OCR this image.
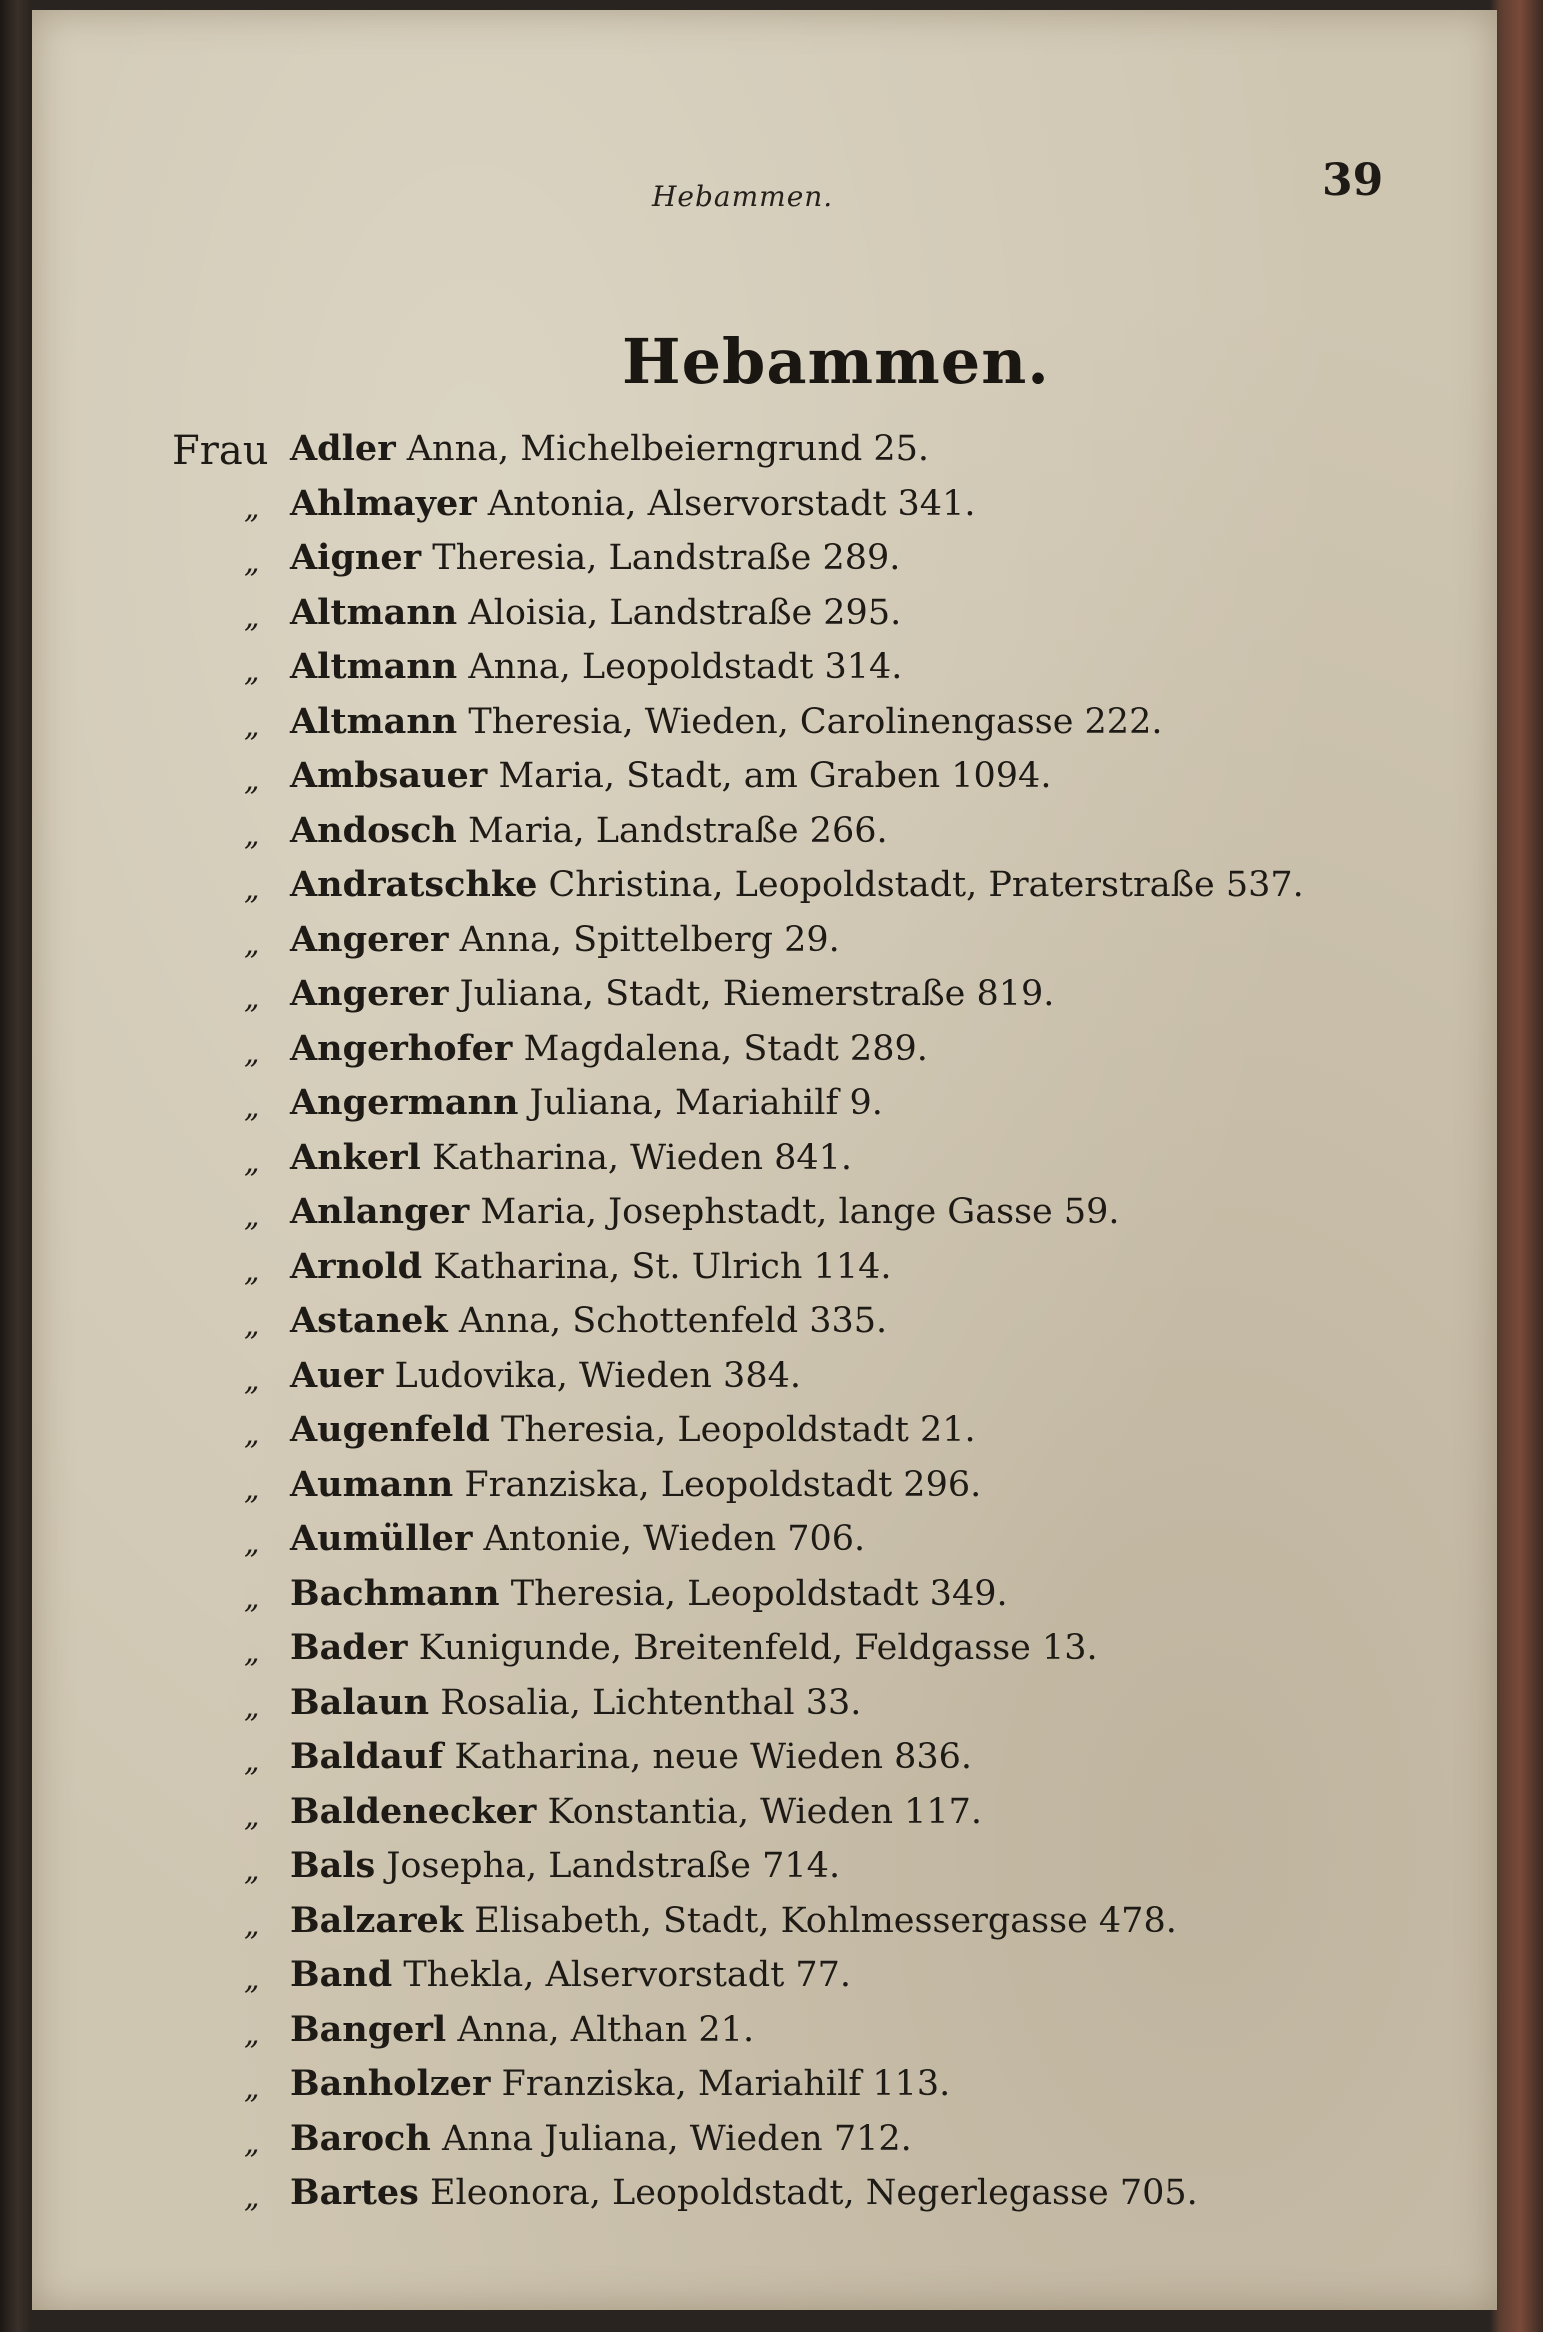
Hebammen.	39
Hebammen.
Frau Adler Anna, Michelbeierngrund 25.
„ Ahlmayer Antonia, Alservorstadt 341.
„ Aigner Theresia, Landstraße 289.
„ Altmann Aloisia, Landstraße 295.
„ Altmann Anna, Leopoldstadt 314.
„ Altmann Theresia, Wieden, Carolinengasse 222.
„ Ambsauer Maria, Stadt, am Graben 1094.
„ Andosch Maria, Landstraße 266.
„ Andratschke Christina, Leopoldstadt, Praterstraße 537.
„ Angerer Anna, Spittelberg 29.
„ Angerer Juliana, Stadt, Riemerstraße 819.
„ Angerhofer Magdalena, Stadt 289.
„ Angermann Juliana, Mariahilf 9.
„ Ankerl Katharina, Wieden 841.
„ Anlanger Maria, Josephstadt, lange Gasse 59.
„ Arnold Katharina, St. Ulrich 114.
„ Astanek Anna, Schottenfeld 335.
„ Auer Ludovika, Wieden 384.
„ Augenfeld Theresia, Leopoldstadt 21.
„ Aumann Franziska, Leopoldstadt 296.
„ Aumüller Antonie, Wieden 706.
„ Bachmann Theresia, Leopoldstadt 349.
„ Bader Kunigunde, Breitenfeld, Feldgasse 13.
„ Balaun Rosalia, Lichtenthal 33.
„ Baldauf Katharina, neue Wieden 836.
„ Baldenecker Konstantia, Wieden 117.
„ Bals Josepha, Landstraße 714.
„ Balzarek Elisabeth, Stadt, Kohlmessergasse 478.
„ Band Thekla, Alservorstadt 77.
„ Bangerl Anna, Althan 21.
„ Banholzer Franziska, Mariahilf 113.
„ Baroch Anna Juliana, Wieden 712.
„ Bartes Eleonora, Leopoldstadt, Negerlegasse 705.
